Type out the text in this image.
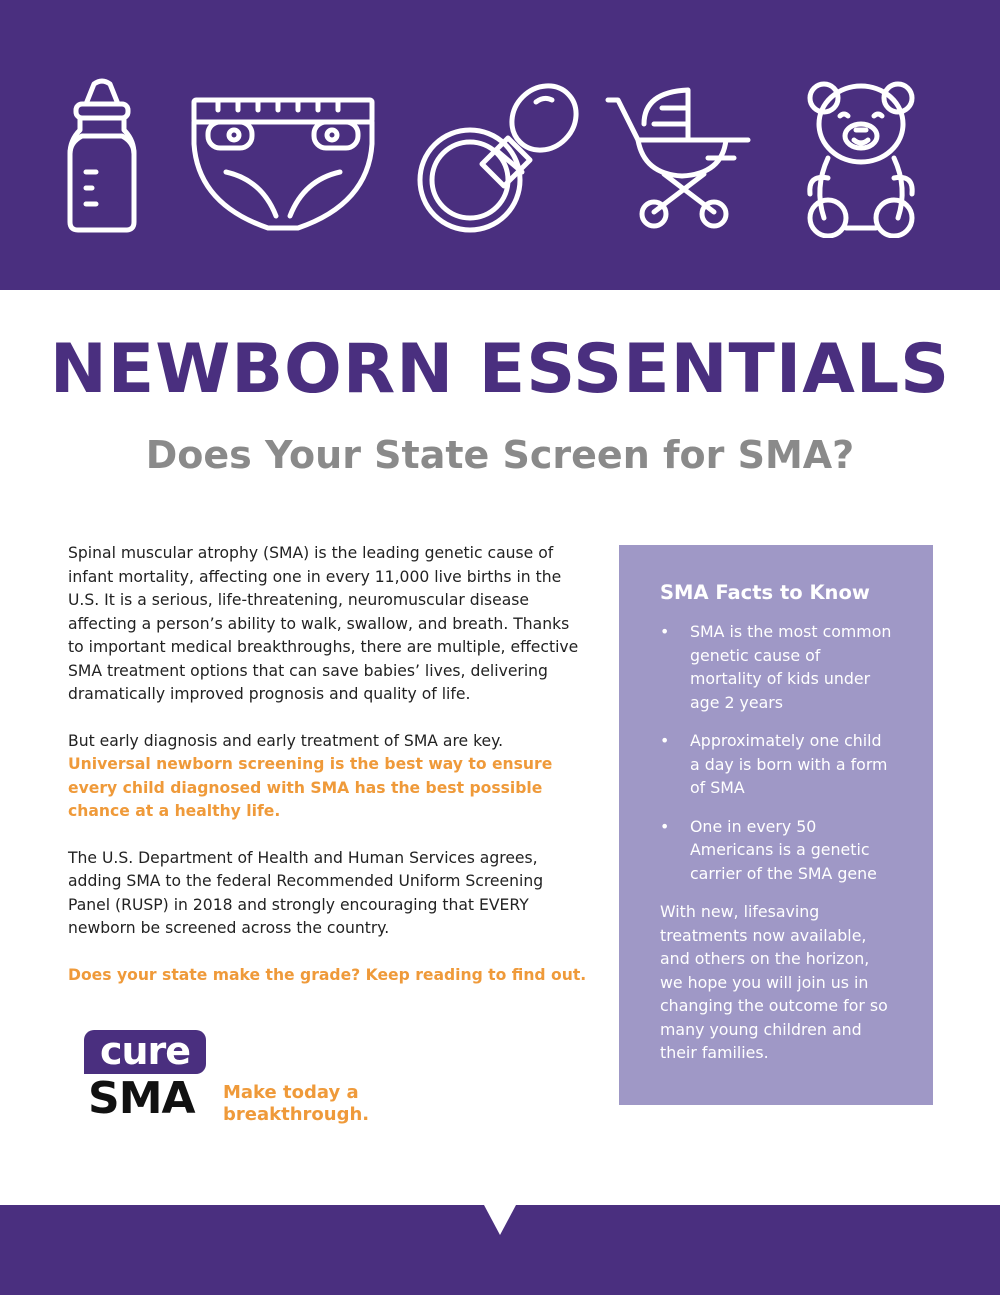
NEWBORN ESSENTIALS
Does Your State Screen for SMA?

Spinal muscular atrophy (SMA) is the leading genetic cause of infant mortality, affecting one in every 11,000 live births in the U.S. It is a serious, life-threatening, neuromuscular disease affecting a person’s ability to walk, swallow, and breath. Thanks to important medical breakthroughs, there are multiple, effective SMA treatment options that can save babies’ lives, delivering dramatically improved prognosis and quality of life.

But early diagnosis and early treatment of SMA are key. Universal newborn screening is the best way to ensure every child diagnosed with SMA has the best possible chance at a healthy life.

The U.S. Department of Health and Human Services agrees, adding SMA to the federal Recommended Uniform Screening Panel (RUSP) in 2018 and strongly encouraging that EVERY newborn be screened across the country.

Does your state make the grade? Keep reading to find out.

SMA Facts to Know
• SMA is the most common genetic cause of mortality of kids under age 2 years
• Approximately one child a day is born with a form of SMA
• One in every 50 Americans is a genetic carrier of the SMA gene

With new, lifesaving treatments now available, and others on the horizon, we hope you will join us in changing the outcome for so many young children and their families.

cure
SMA Make today a breakthrough.
